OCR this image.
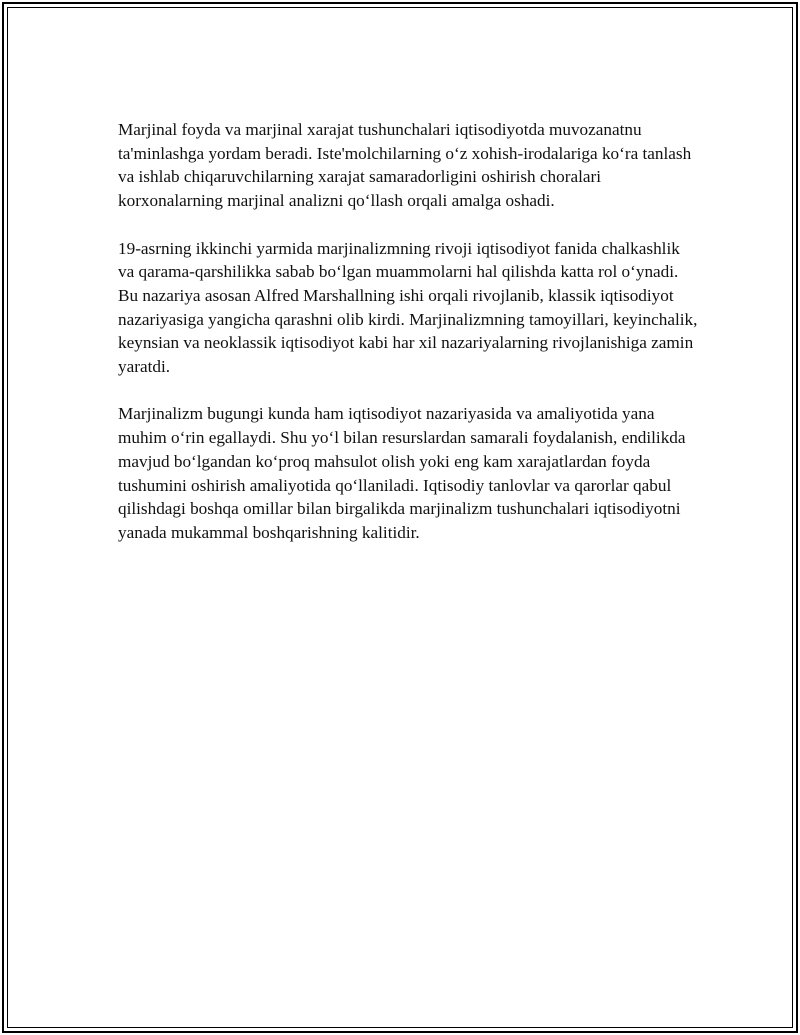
Marjinal foyda va marjinal xarajat tushunchalari iqtisodiyotda muvozanatnu ta'minlashga yordam beradi. Iste'molchilarning o‘z xohish-irodalariga ko‘ra tanlash va ishlab chiqaruvchilarning xarajat samaradorligini oshirish choralari korxonalarning marjinal analizni qo‘llash orqali amalga oshadi.

19-asrning ikkinchi yarmida marjinalizmning rivoji iqtisodiyot fanida chalkashlik va qarama-qarshilikka sabab bo‘lgan muammolarni hal qilishda katta rol o‘ynadi. Bu nazariya asosan Alfred Marshallning ishi orqali rivojlanib, klassik iqtisodiyot nazariyasiga yangicha qarashni olib kirdi. Marjinalizmning tamoyillari, keyinchalik, keynsian va neoklassik iqtisodiyot kabi har xil nazariyalarning rivojlanishiga zamin yaratdi.

Marjinalizm bugungi kunda ham iqtisodiyot nazariyasida va amaliyotida yana muhim o‘rin egallaydi. Shu yo‘l bilan resurslardan samarali foydalanish, endilikda mavjud bo‘lgandan ko‘proq mahsulot olish yoki eng kam xarajatlardan foyda tushumini oshirish amaliyotida qo‘llaniladi. Iqtisodiy tanlovlar va qarorlar qabul qilishdagi boshqa omillar bilan birgalikda marjinalizm tushunchalari iqtisodiyotni yanada mukammal boshqarishning kalitidir.
